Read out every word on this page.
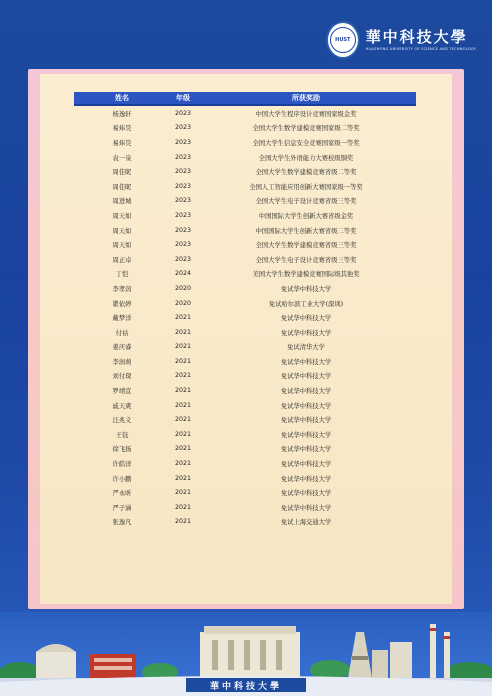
HUST 華中科技大學
HUAZHONG UNIVERSITY OF SCIENCE AND TECHNOLOGY
姓名	年级	所获奖励
杨逸轩	2023	中国大学生程序设计竞赛国家级金奖
易炜昊	2023	全国大学生数学建模竞赛国家级二等奖
易炜昊	2023	全国大学生信息安全竞赛国家级一等奖
袁一泉	2023	全国大学生外语能力大赛校级铜奖
周佳昵	2023	全国大学生数学建模竞赛省级二等奖
周佳昵	2023	全国人工智能应用创新大赛国家级一等奖
周进城	2023	全国大学生电子设计竞赛省级三等奖
周天如	2023	中国国际大学生创新大赛省级金奖
周天如	2023	中国国际大学生创新大赛省级二等奖
周天如	2023	全国大学生数学建模竞赛省级三等奖
周正卓	2023	全国大学生电子设计竞赛省级三等奖
丁恺	2024	美国大学生数学建模竞赛国际级其他奖
李孝茵	2020	免试华中科技大学
瞿依婷	2020	免试哈尔滨工业大学(深圳)
戴梦洋	2021	免试华中科技大学
付祜	2021	免试华中科技大学
姜庆睿	2021	免试清华大学
李润萌	2021	免试华中科技大学
刘付琛	2021	免试华中科技大学
罗靖宣	2021	免试华中科技大学
戚天爽	2021	免试华中科技大学
汪兆义	2021	免试华中科技大学
王钰	2021	免试华中科技大学
徐飞扬	2021	免试华中科技大学
许皓洋	2021	免试华中科技大学
许小鹏	2021	免试华中科技大学
严永昕	2021	免试华中科技大学
严子涵	2021	免试华中科技大学
张逸凡	2021	免试上海交通大学
華中科技大學
